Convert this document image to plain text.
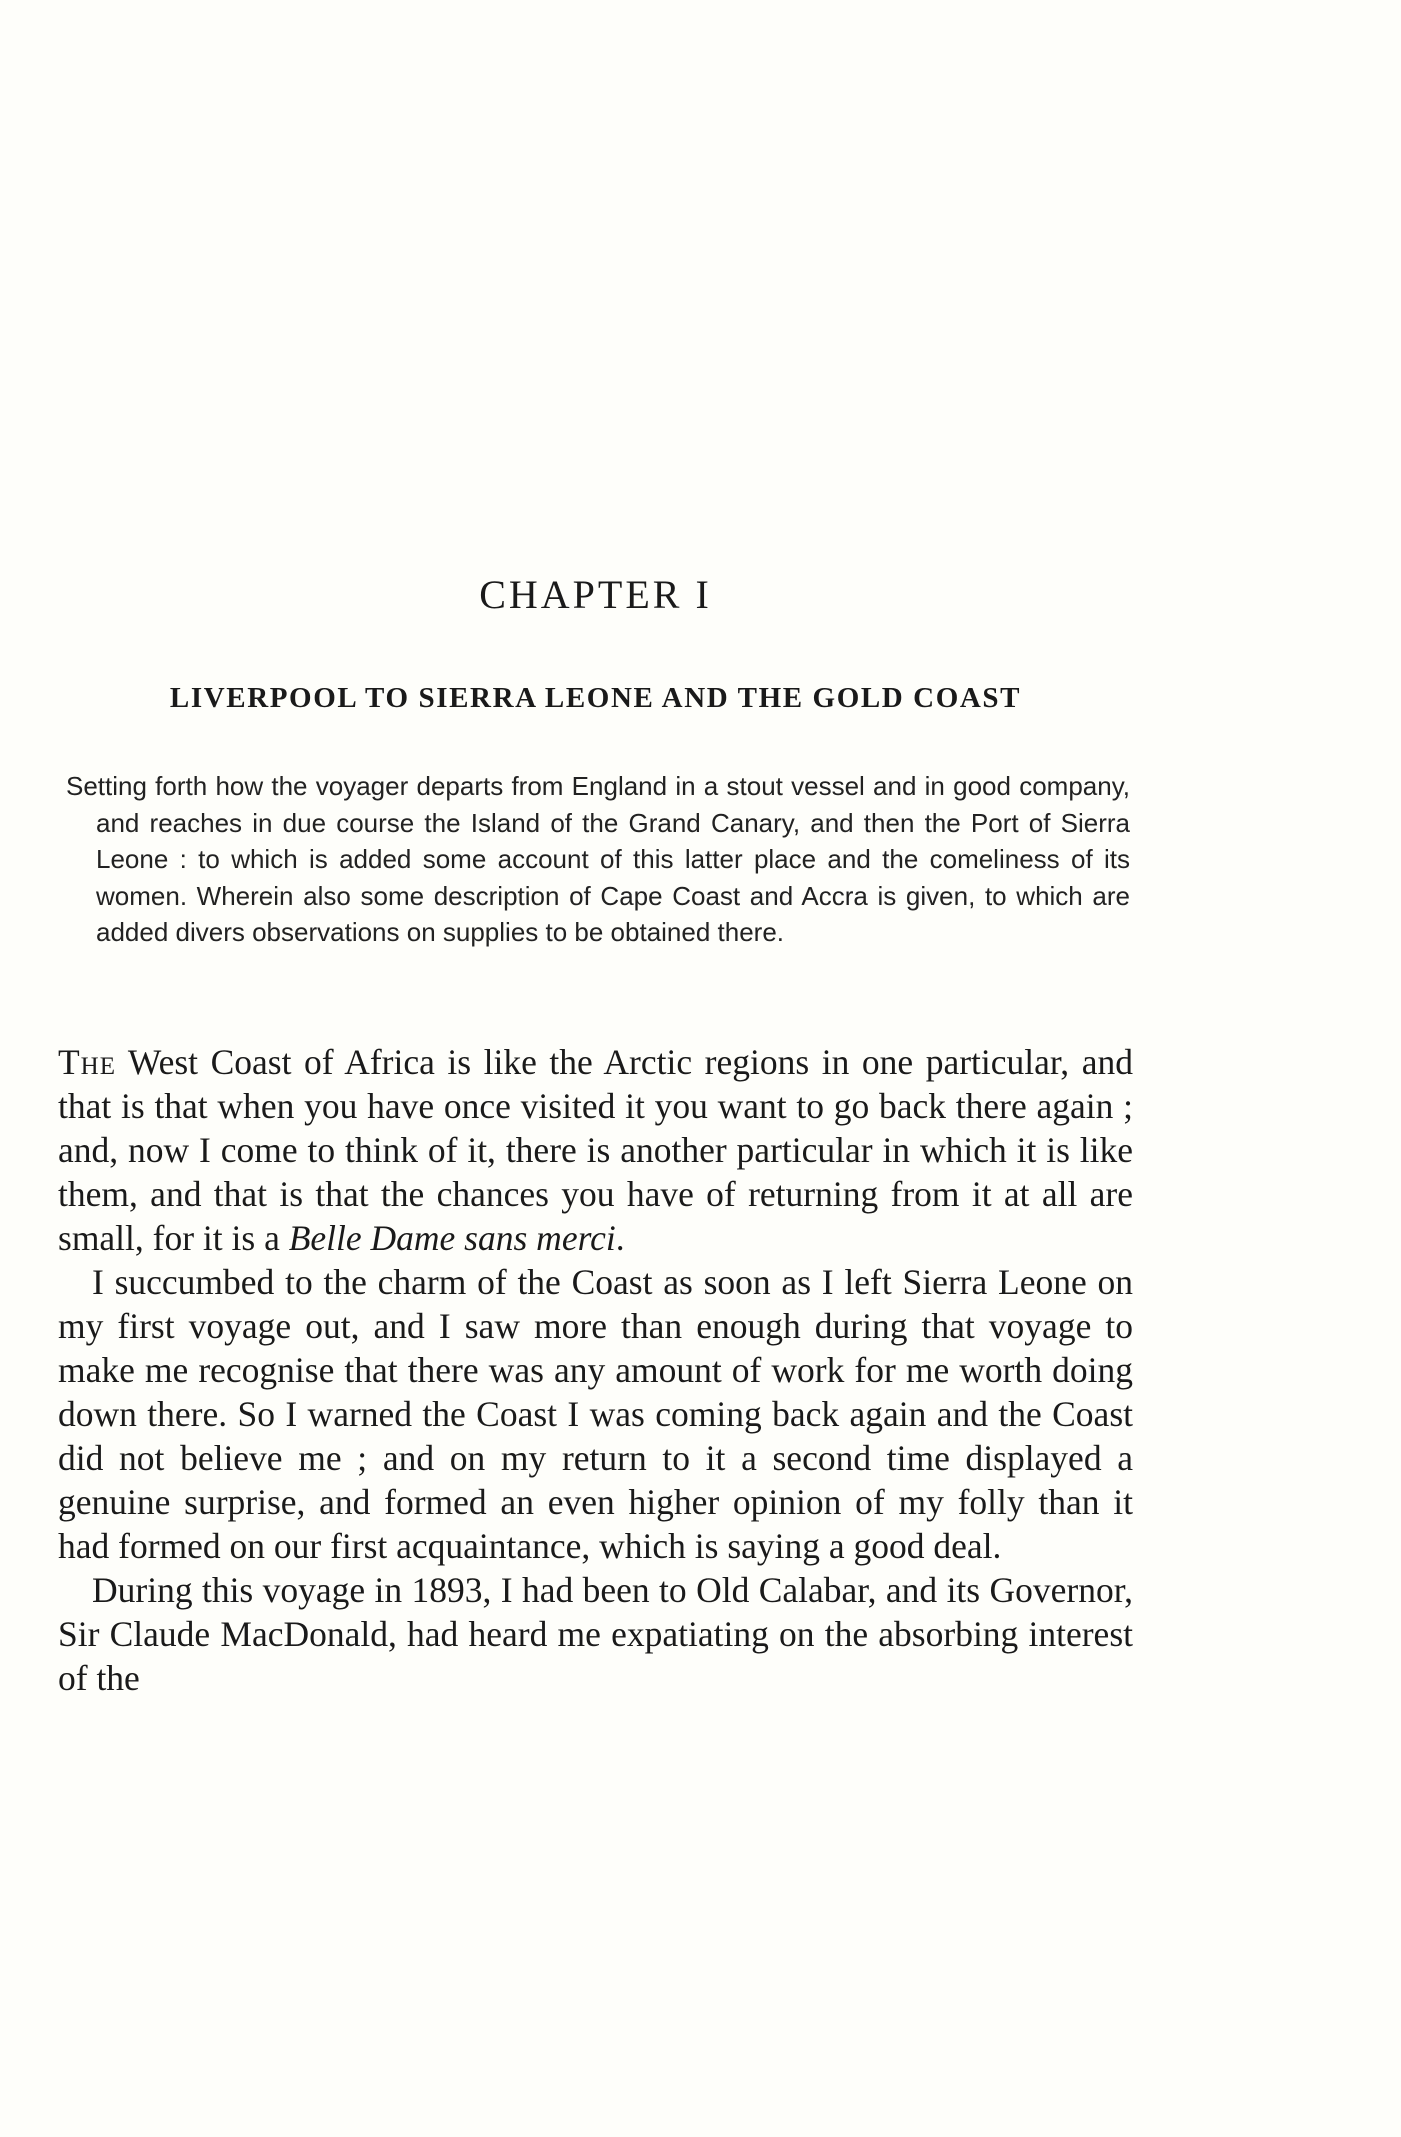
CHAPTER I
LIVERPOOL TO SIERRA LEONE AND THE GOLD COAST

Setting forth how the voyager departs from England in a stout vessel and in good company, and reaches in due course the Island of the Grand Canary, and then the Port of Sierra Leone : to which is added some account of this latter place and the comeliness of its women. Wherein also some description of Cape Coast and Accra is given, to which are added divers observations on supplies to be obtained there.

The West Coast of Africa is like the Arctic regions in one particular, and that is that when you have once visited it you want to go back there again ; and, now I come to think of it, there is another particular in which it is like them, and that is that the chances you have of returning from it at all are small, for it is a Belle Dame sans merci.

I succumbed to the charm of the Coast as soon as I left Sierra Leone on my first voyage out, and I saw more than enough during that voyage to make me recognise that there was any amount of work for me worth doing down there. So I warned the Coast I was coming back again and the Coast did not believe me ; and on my return to it a second time displayed a genuine surprise, and formed an even higher opinion of my folly than it had formed on our first acquaintance, which is saying a good deal.

During this voyage in 1893, I had been to Old Calabar, and its Governor, Sir Claude MacDonald, had heard me expatiating on the absorbing interest of the
